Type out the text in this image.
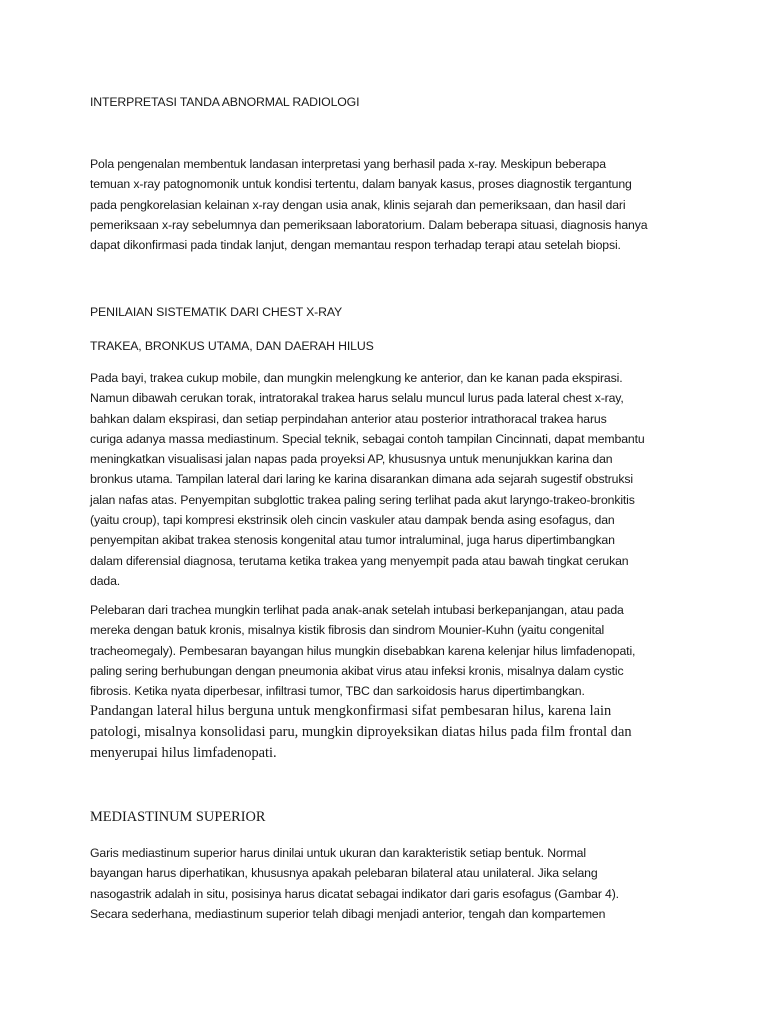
INTERPRETASI TANDA ABNORMAL RADIOLOGI
Pola pengenalan membentuk landasan interpretasi yang berhasil pada x-ray. Meskipun beberapa
temuan x-ray patognomonik untuk kondisi tertentu, dalam banyak kasus, proses diagnostik tergantung
pada pengkorelasian kelainan x-ray dengan usia anak, klinis sejarah dan pemeriksaan, dan hasil dari
pemeriksaan x-ray sebelumnya dan pemeriksaan laboratorium. Dalam beberapa situasi, diagnosis hanya
dapat dikonfirmasi pada tindak lanjut, dengan memantau respon terhadap terapi atau setelah biopsi.
PENILAIAN SISTEMATIK DARI CHEST X-RAY
TRAKEA, BRONKUS UTAMA, DAN DAERAH HILUS
Pada bayi, trakea cukup mobile, dan mungkin melengkung ke anterior, dan ke kanan pada ekspirasi.
Namun dibawah cerukan torak, intratorakal trakea harus selalu muncul lurus pada lateral chest x-ray,
bahkan dalam ekspirasi, dan setiap perpindahan anterior atau posterior intrathoracal trakea harus
curiga adanya massa mediastinum. Special teknik, sebagai contoh tampilan Cincinnati, dapat membantu
meningkatkan visualisasi jalan napas pada proyeksi AP, khususnya untuk menunjukkan karina dan
bronkus utama. Tampilan lateral dari laring ke karina disarankan dimana ada sejarah sugestif obstruksi
jalan nafas atas. Penyempitan subglottic trakea paling sering terlihat pada akut laryngo-trakeo-bronkitis
(yaitu croup), tapi kompresi ekstrinsik oleh cincin vaskuler atau dampak benda asing esofagus, dan
penyempitan akibat trakea stenosis kongenital atau tumor intraluminal, juga harus dipertimbangkan
dalam diferensial diagnosa, terutama ketika trakea yang menyempit pada atau bawah tingkat cerukan
dada.
Pelebaran dari trachea mungkin terlihat pada anak-anak setelah intubasi berkepanjangan, atau pada
mereka dengan batuk kronis, misalnya kistik fibrosis dan sindrom Mounier-Kuhn (yaitu congenital
tracheomegaly). Pembesaran bayangan hilus mungkin disebabkan karena kelenjar hilus limfadenopati,
paling sering berhubungan dengan pneumonia akibat virus atau infeksi kronis, misalnya dalam cystic
fibrosis. Ketika nyata diperbesar, infiltrasi tumor, TBC dan sarkoidosis harus dipertimbangkan.
Pandangan lateral hilus berguna untuk mengkonfirmasi sifat pembesaran hilus, karena lain
patologi, misalnya konsolidasi paru, mungkin diproyeksikan diatas hilus pada film frontal dan
menyerupai hilus limfadenopati.
MEDIASTINUM SUPERIOR
Garis mediastinum superior harus dinilai untuk ukuran dan karakteristik setiap bentuk. Normal
bayangan harus diperhatikan, khususnya apakah pelebaran bilateral atau unilateral. Jika selang
nasogastrik adalah in situ, posisinya harus dicatat sebagai indikator dari garis esofagus (Gambar 4).
Secara sederhana, mediastinum superior telah dibagi menjadi anterior, tengah dan kompartemen
